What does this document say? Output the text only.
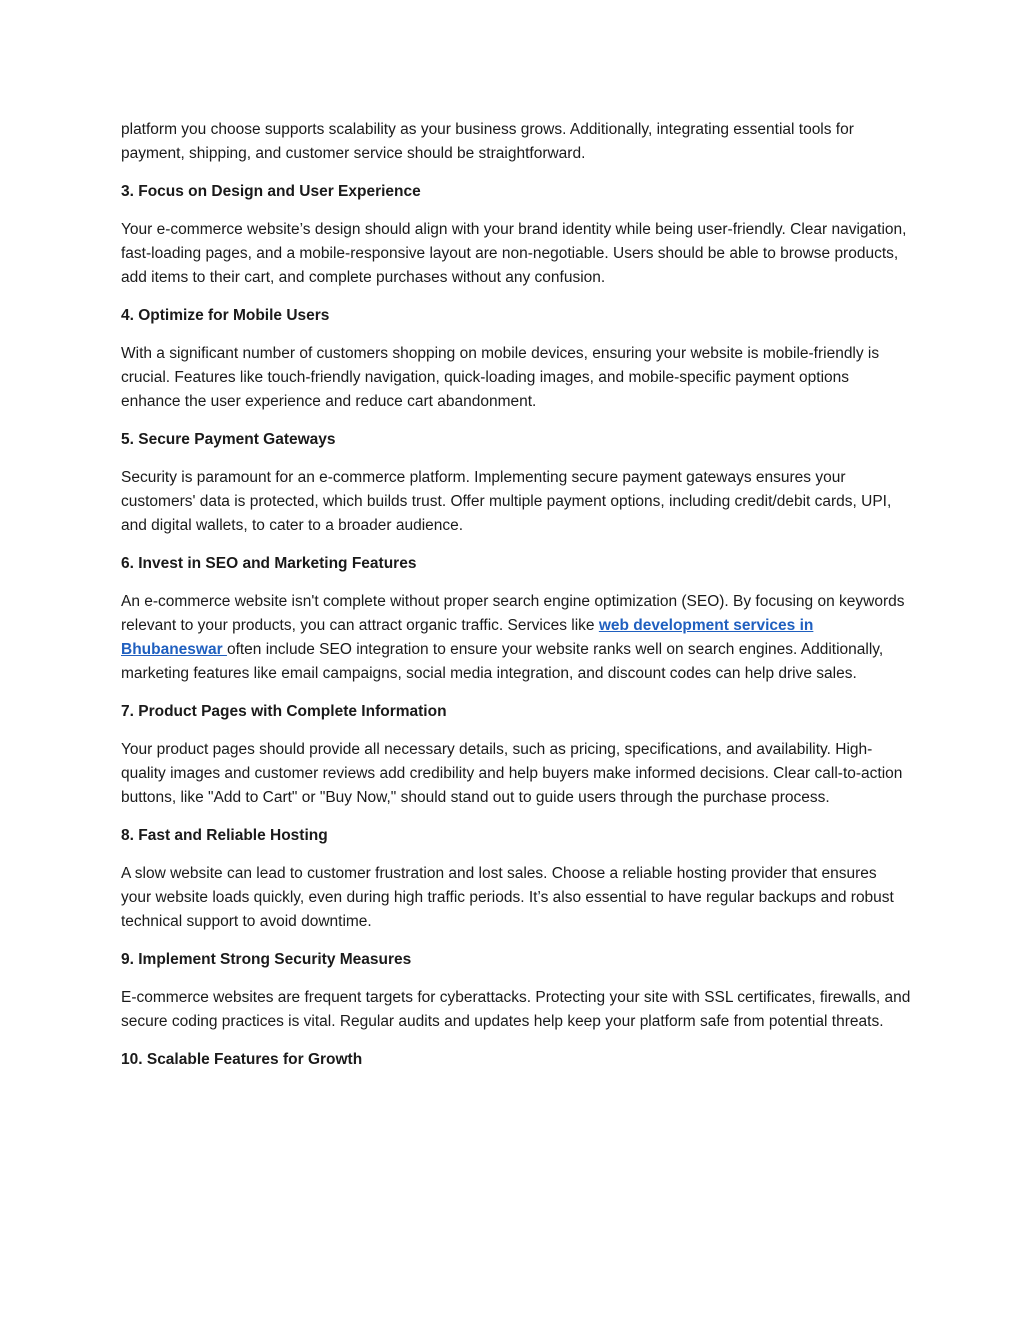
platform you choose supports scalability as your business grows. Additionally, integrating essential tools for payment, shipping, and customer service should be straightforward.

3. Focus on Design and User Experience

Your e-commerce website’s design should align with your brand identity while being user-friendly. Clear navigation, fast-loading pages, and a mobile-responsive layout are non-negotiable. Users should be able to browse products, add items to their cart, and complete purchases without any confusion.

4. Optimize for Mobile Users

With a significant number of customers shopping on mobile devices, ensuring your website is mobile-friendly is crucial. Features like touch-friendly navigation, quick-loading images, and mobile-specific payment options enhance the user experience and reduce cart abandonment.

5. Secure Payment Gateways

Security is paramount for an e-commerce platform. Implementing secure payment gateways ensures your customers' data is protected, which builds trust. Offer multiple payment options, including credit/debit cards, UPI, and digital wallets, to cater to a broader audience.

6. Invest in SEO and Marketing Features

An e-commerce website isn't complete without proper search engine optimization (SEO). By focusing on keywords relevant to your products, you can attract organic traffic. Services like web development services in Bhubaneswar often include SEO integration to ensure your website ranks well on search engines. Additionally, marketing features like email campaigns, social media integration, and discount codes can help drive sales.

7. Product Pages with Complete Information

Your product pages should provide all necessary details, such as pricing, specifications, and availability. High-quality images and customer reviews add credibility and help buyers make informed decisions. Clear call-to-action buttons, like "Add to Cart" or "Buy Now," should stand out to guide users through the purchase process.

8. Fast and Reliable Hosting

A slow website can lead to customer frustration and lost sales. Choose a reliable hosting provider that ensures your website loads quickly, even during high traffic periods. It’s also essential to have regular backups and robust technical support to avoid downtime.

9. Implement Strong Security Measures

E-commerce websites are frequent targets for cyberattacks. Protecting your site with SSL certificates, firewalls, and secure coding practices is vital. Regular audits and updates help keep your platform safe from potential threats.

10. Scalable Features for Growth
